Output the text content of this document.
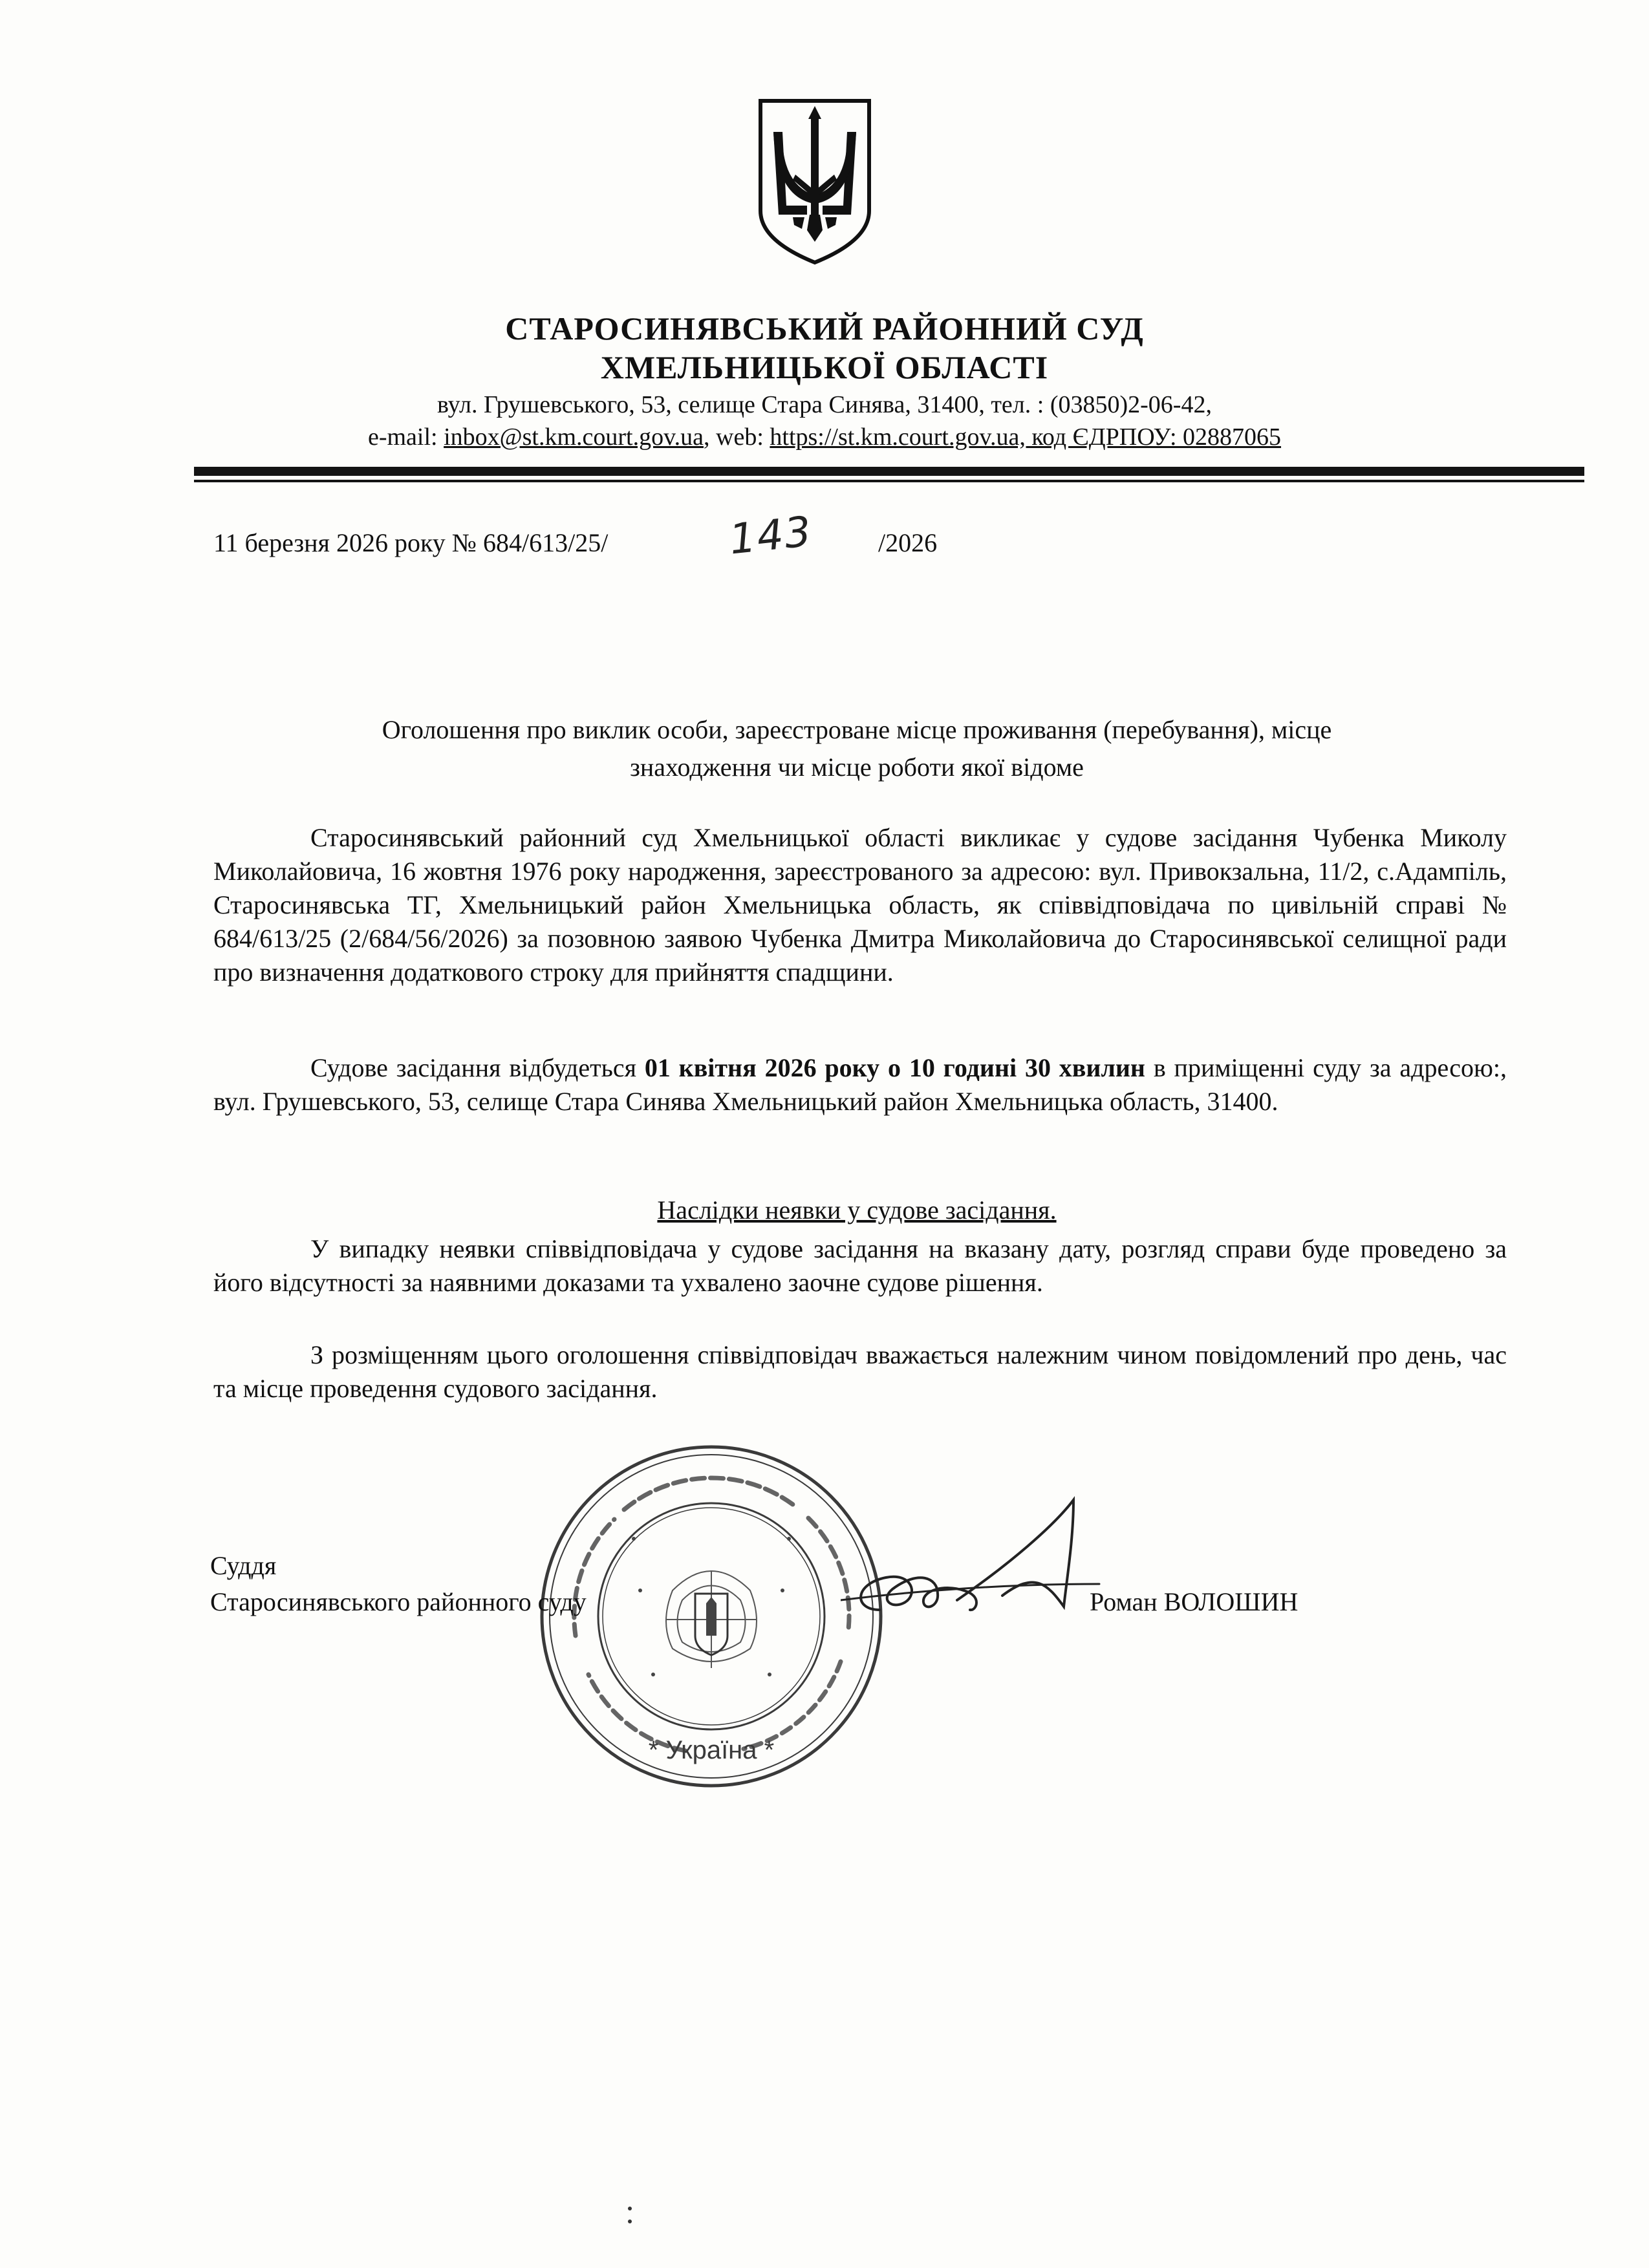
СТАРОСИНЯВСЬКИЙ РАЙОННИЙ СУД
ХМЕЛЬНИЦЬКОЇ ОБЛАСТІ
вул. Грушевського, 53, селище Стара Синява, 31400, тел. : (03850)2-06-42,
e-mail: inbox@st.km.court.gov.ua, web: https://st.km.court.gov.ua, код ЄДРПОУ: 02887065
11 березня 2026 року № 684/613/25/	143 /2026
Оголошення про виклик особи, зареєстроване місце проживання (перебування), місце
знаходження чи місце роботи якої відоме
Старосинявський районний суд Хмельницької області викликає у судове засідання Чубенка Миколу Миколайовича, 16 жовтня 1976 року народження, зареєстрованого за адресою: вул. Привокзальна, 11/2, с.Адампіль, Старосинявська ТГ, Хмельницький район Хмельницька область, як співвідповідача по цивільній справі № 684/613/25 (2/684/56/2026) за позовною заявою Чубенка Дмитра Миколайовича до Старосинявської селищної ради про визначення додаткового строку для прийняття спадщини.
Судове засідання відбудеться 01 квітня 2026 року о 10 годині 30 хвилин в приміщенні суду за адресою:, вул. Грушевського, 53, селище Стара Синява Хмельницький район Хмельницька область, 31400.
Наслідки неявки у судове засідання.
У випадку неявки співвідповідача у судове засідання на вказану дату, розгляд справи буде проведено за його відсутності за наявними доказами та ухвалено заочне судове рішення.
З розміщенням цього оголошення співвідповідач вважається належним чином повідомлений про день, час та місце проведення судового засідання.
* Україна *
Суддя
Старосинявського районного суду	Роман ВОЛОШИН
